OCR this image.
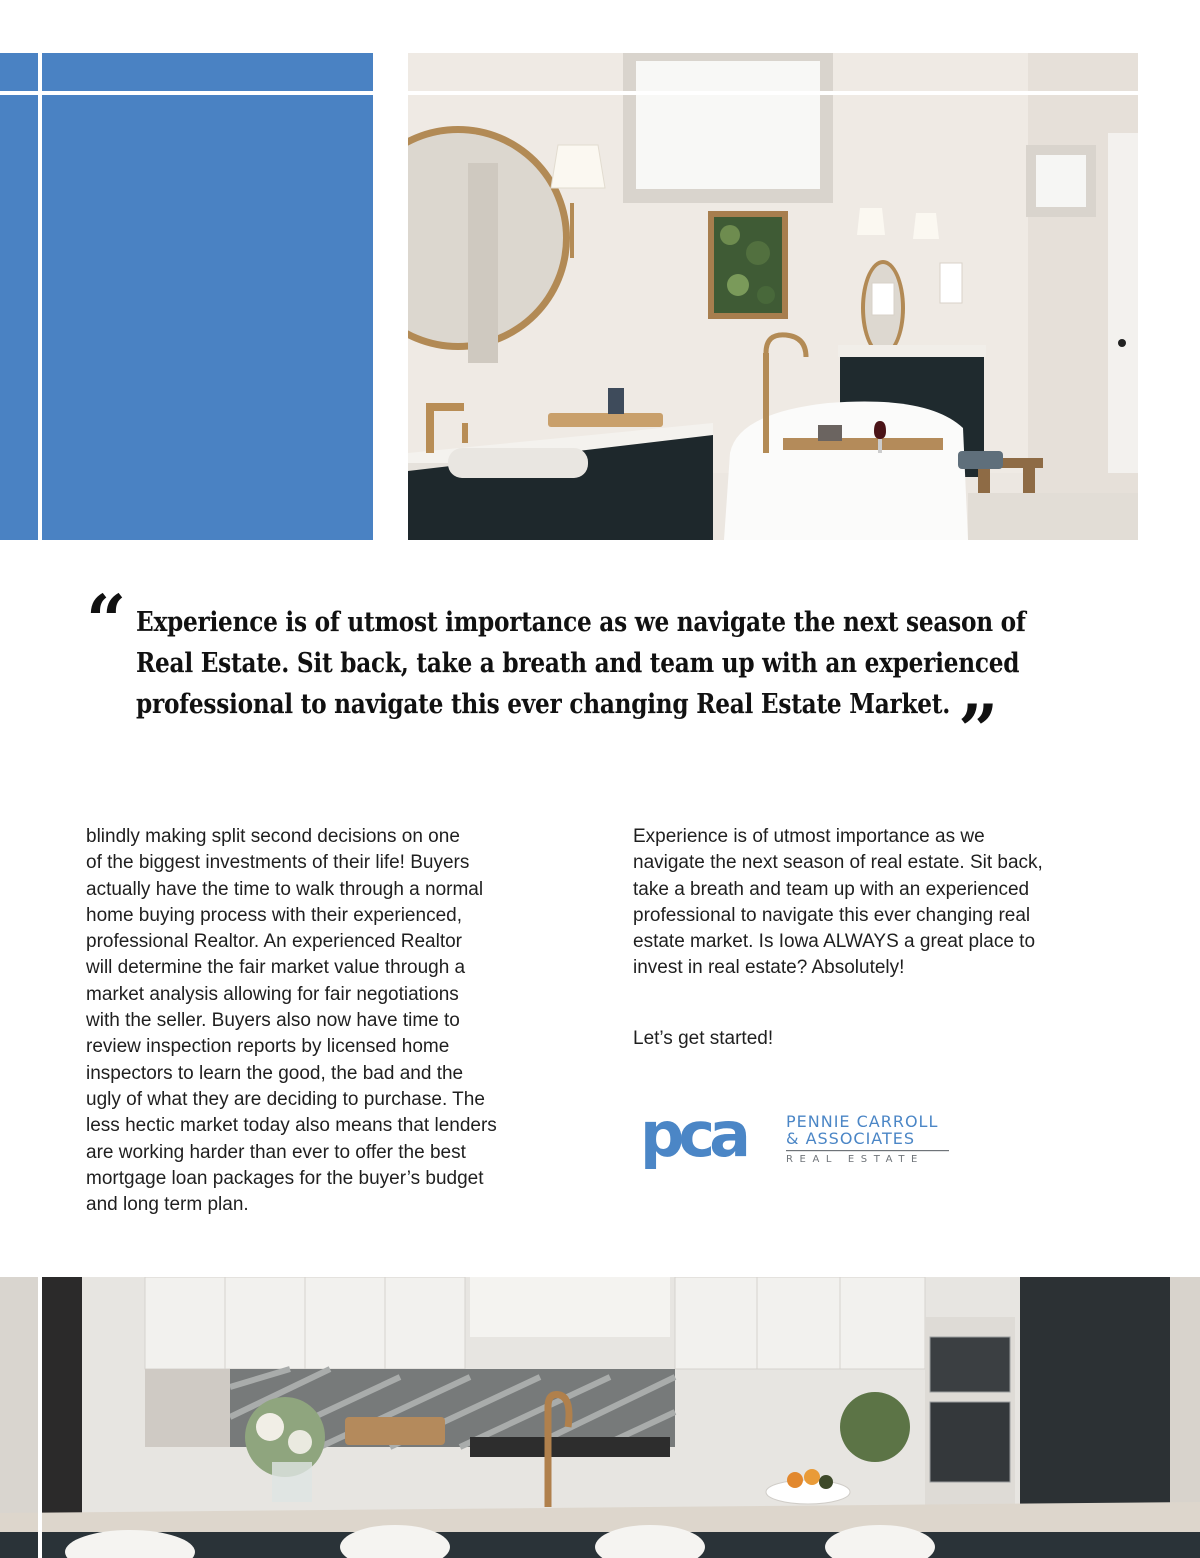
“ Experience is of utmost importance as we navigate the next season of
Real Estate. Sit back, take a breath and team up with an experienced
professional to navigate this ever changing Real Estate Market. ”

blindly making split second decisions on one
of the biggest investments of their life! Buyers
actually have the time to walk through a normal
home buying process with their experienced,
professional Realtor. An experienced Realtor
will determine the fair market value through a
market analysis allowing for fair negotiations
with the seller. Buyers also now have time to
review inspection reports by licensed home
inspectors to learn the good, the bad and the
ugly of what they are deciding to purchase. The
less hectic market today also means that lenders
are working harder than ever to offer the best
mortgage loan packages for the buyer’s budget
and long term plan.

Experience is of utmost importance as we
navigate the next season of real estate. Sit back,
take a breath and team up with an experienced
professional to navigate this ever changing real
estate market. Is Iowa ALWAYS a great place to
invest in real estate? Absolutely!

Let’s get started!

pca	PENNIE CARROLL
& ASSOCIATES
REAL ESTATE
